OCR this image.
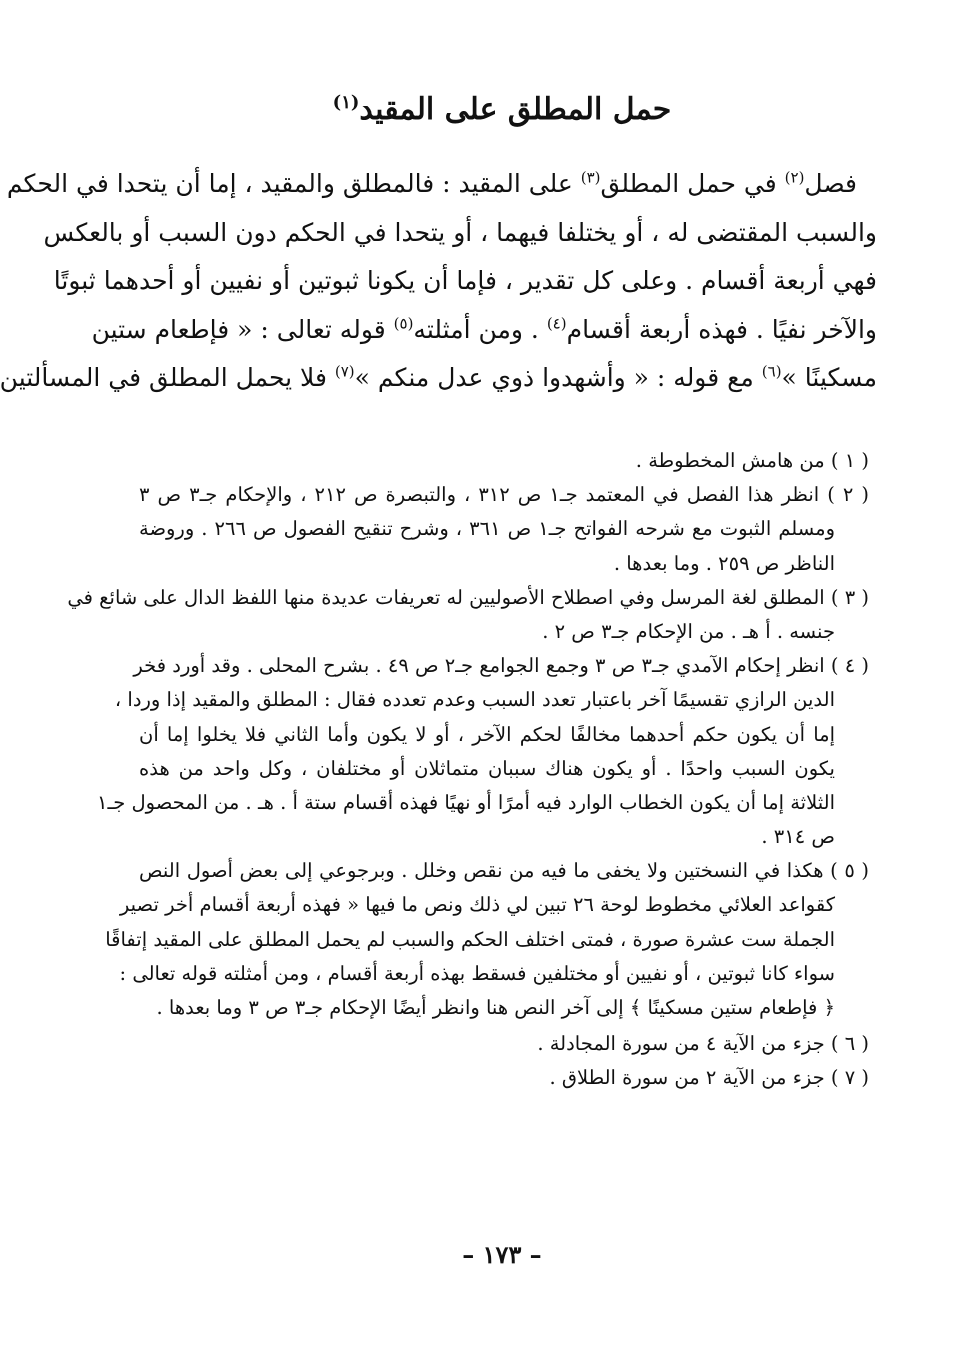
حمل المطلق على المقيد$^{(١)}$
فصل$^{(٢)}$ في حمل المطلق$^{(٣)}$ على المقيد : فالمطلق والمقيد ، إما أن يتحدا في الحكم
والسبب المقتضى له ، أو يختلفا فيهما ، أو يتحدا في الحكم دون السبب أو بالعكس
فهي أربعة أقسام . وعلى كل تقدير ، فإما أن يكونا ثبوتين أو نفيين أو أحدهما ثبوتًا
والآخر نفيًا . فهذه أربعة أقسام$^{(٤)}$ . ومن أمثلته$^{(٥)}$ قوله تعالى : « فإطعام ستين
مسكينًا »$^{(٦)}$ مع قوله : « وأشهدوا ذوي عدل منكم »$^{(٧)}$ فلا يحمل المطلق في المسألتين
( ١ ) من هامش المخطوطة .
( ٢ ) انظر هذا الفصل في المعتمد جـ١ ص ٣١٢ ، والتبصرة ص ٢١٢ ، والإحكام جـ٣ ص ٣
ومسلم الثبوت مع شرحه الفواتح جـ١ ص ٣٦١ ، وشرح تنقيح الفصول ص ٢٦٦ . وروضة
الناظر ص ٢٥٩ . وما بعدها .
( ٣ ) المطلق لغة المرسل وفي اصطلاح الأصوليين له تعريفات عديدة منها اللفظ الدال على شائع في
جنسه . أ هـ . من الإحكام جـ٣ ص ٢ .
( ٤ ) انظر إحكام الآمدي جـ٣ ص ٣ وجمع الجوامع جـ٢ ص ٤٩ . بشرح المحلى . وقد أورد فخر
الدين الرازي تقسيمًا آخر باعتبار تعدد السبب وعدم تعدده فقال : المطلق والمقيد إذا وردا ،
إما أن يكون حكم أحدهما مخالفًا لحكم الآخر ، أو لا يكون وأما الثاني فلا يخلوا إما أن
يكون السبب واحدًا . أو يكون هناك سببان متماثلان أو مختلفان ، وكل واحد من هذه
الثلاثة إما أن يكون الخطاب الوارد فيه أمرًا أو نهيًا فهذه أقسام ستة أ . هـ . من المحصول جـ١
ص ٣١٤ .
( ٥ ) هكذا في النسختين ولا يخفى ما فيه من نقص وخلل . وبرجوعي إلى بعض أصول النص
كقواعد العلائي مخطوط لوحة ٢٦ تبين لي ذلك ونص ما فيها « فهذه أربعة أقسام أخر تصير
الجملة ست عشرة صورة ، فمتى اختلف الحكم والسبب لم يحمل المطلق على المقيد إتفاقًا
سواء كانا ثبوتين ، أو نفيين أو مختلفين فسقط بهذه أربعة أقسام ، ومن أمثلته قوله تعالى :
﴿ فإطعام ستين مسكينًا ﴾ إلى آخر النص هنا وانظر أيضًا الإحكام جـ٣ ص ٣ وما بعدها .
( ٦ ) جزء من الآية ٤ من سورة المجادلة .
( ٧ ) جزء من الآية ٢ من سورة الطلاق .
– ١٧٣ –
